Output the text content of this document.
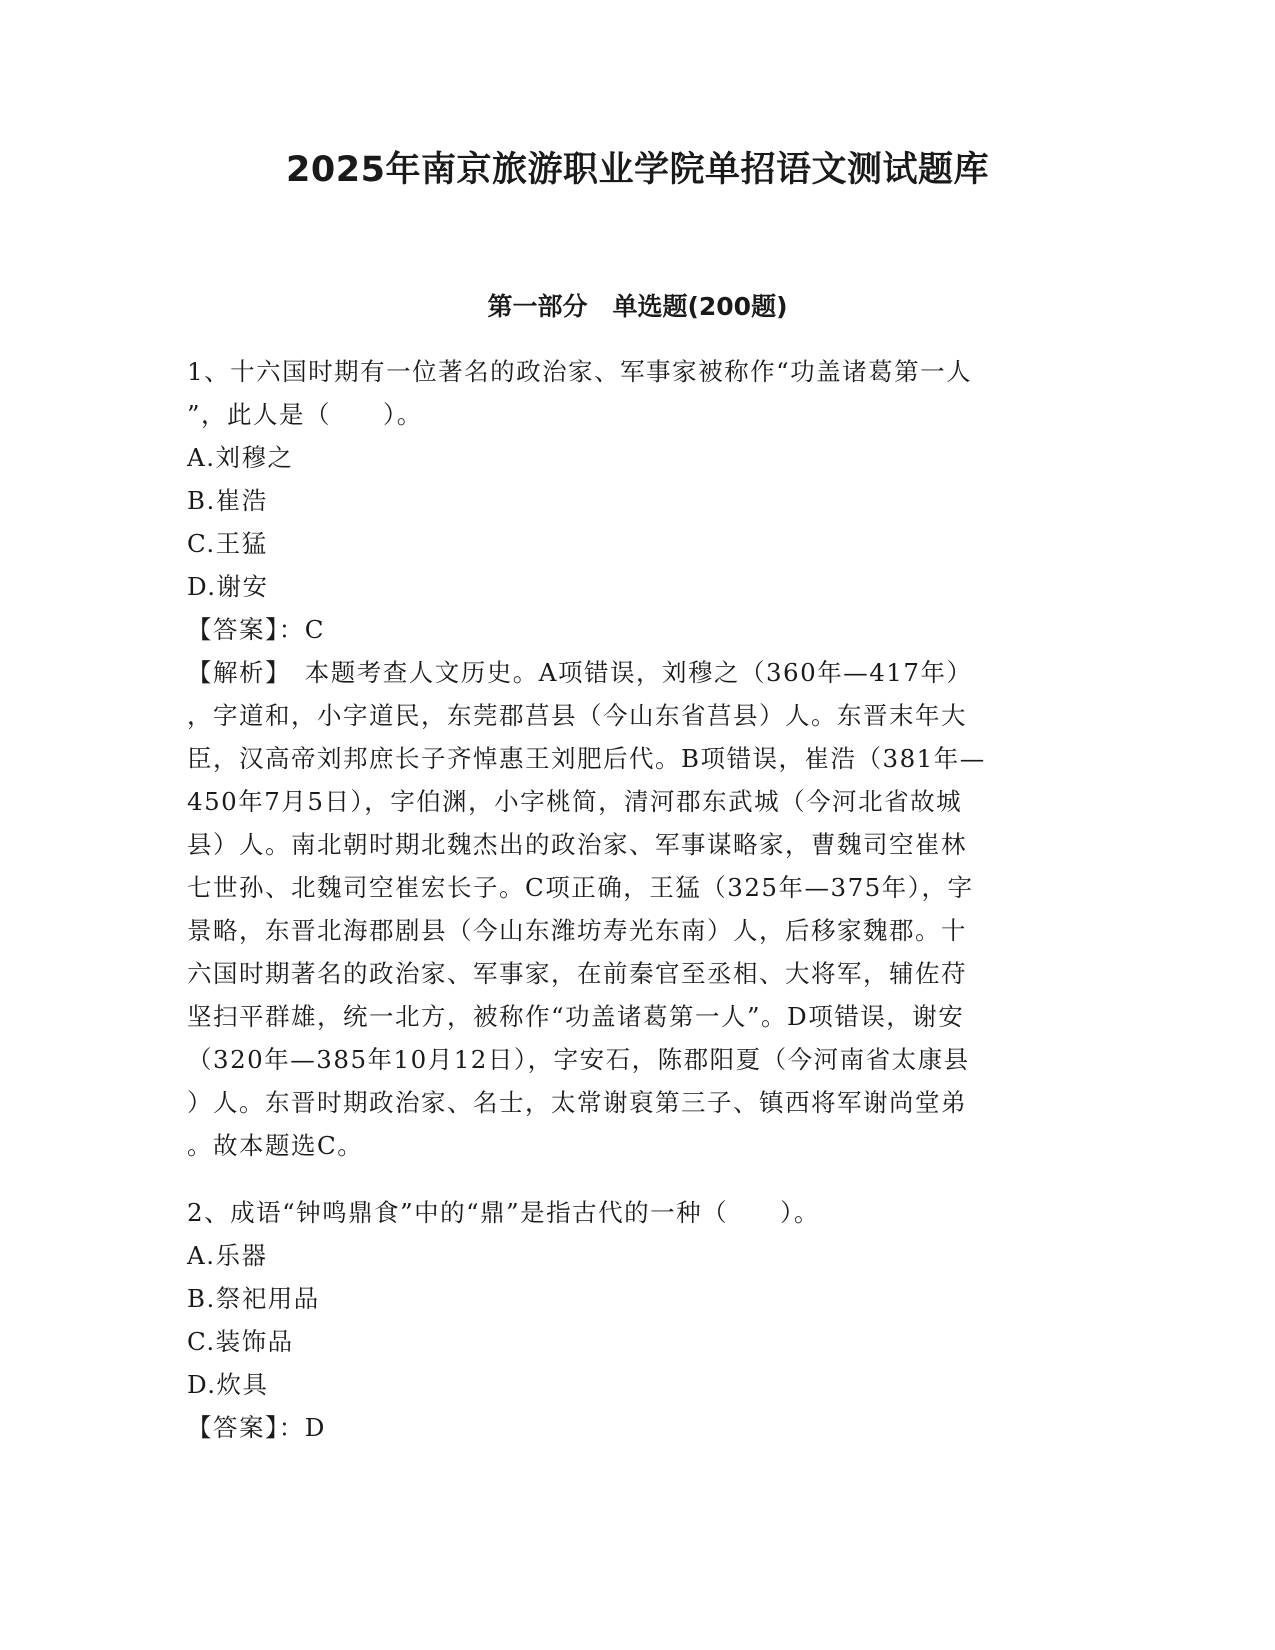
2025年南京旅游职业学院单招语文测试题库
第一部分　单选题(200题)
1、十六国时期有一位著名的政治家、军事家被称作“功盖诸葛第一人
”，此人是（　　）。
A.刘穆之
B.崔浩
C.王猛
D.谢安
【答案】：C
【解析】　本题考查人文历史。A项错误，刘穆之（360年—417年）
，字道和，小字道民，东莞郡莒县（今山东省莒县）人。东晋末年大
臣，汉高帝刘邦庶长子齐悼惠王刘肥后代。B项错误，崔浩（381年—
450年7月5日），字伯渊，小字桃简，清河郡东武城（今河北省故城
县）人。南北朝时期北魏杰出的政治家、军事谋略家，曹魏司空崔林
七世孙、北魏司空崔宏长子。C项正确，王猛（325年—375年），字
景略，东晋北海郡剧县（今山东潍坊寿光东南）人，后移家魏郡。十
六国时期著名的政治家、军事家，在前秦官至丞相、大将军，辅佐苻
坚扫平群雄，统一北方，被称作“功盖诸葛第一人”。D项错误，谢安
（320年—385年10月12日），字安石，陈郡阳夏（今河南省太康县
）人。东晋时期政治家、名士，太常谢裒第三子、镇西将军谢尚堂弟
。故本题选C。
2、成语“钟鸣鼎食”中的“鼎”是指古代的一种（　　）。
A.乐器
B.祭祀用品
C.装饰品
D.炊具
【答案】：D
